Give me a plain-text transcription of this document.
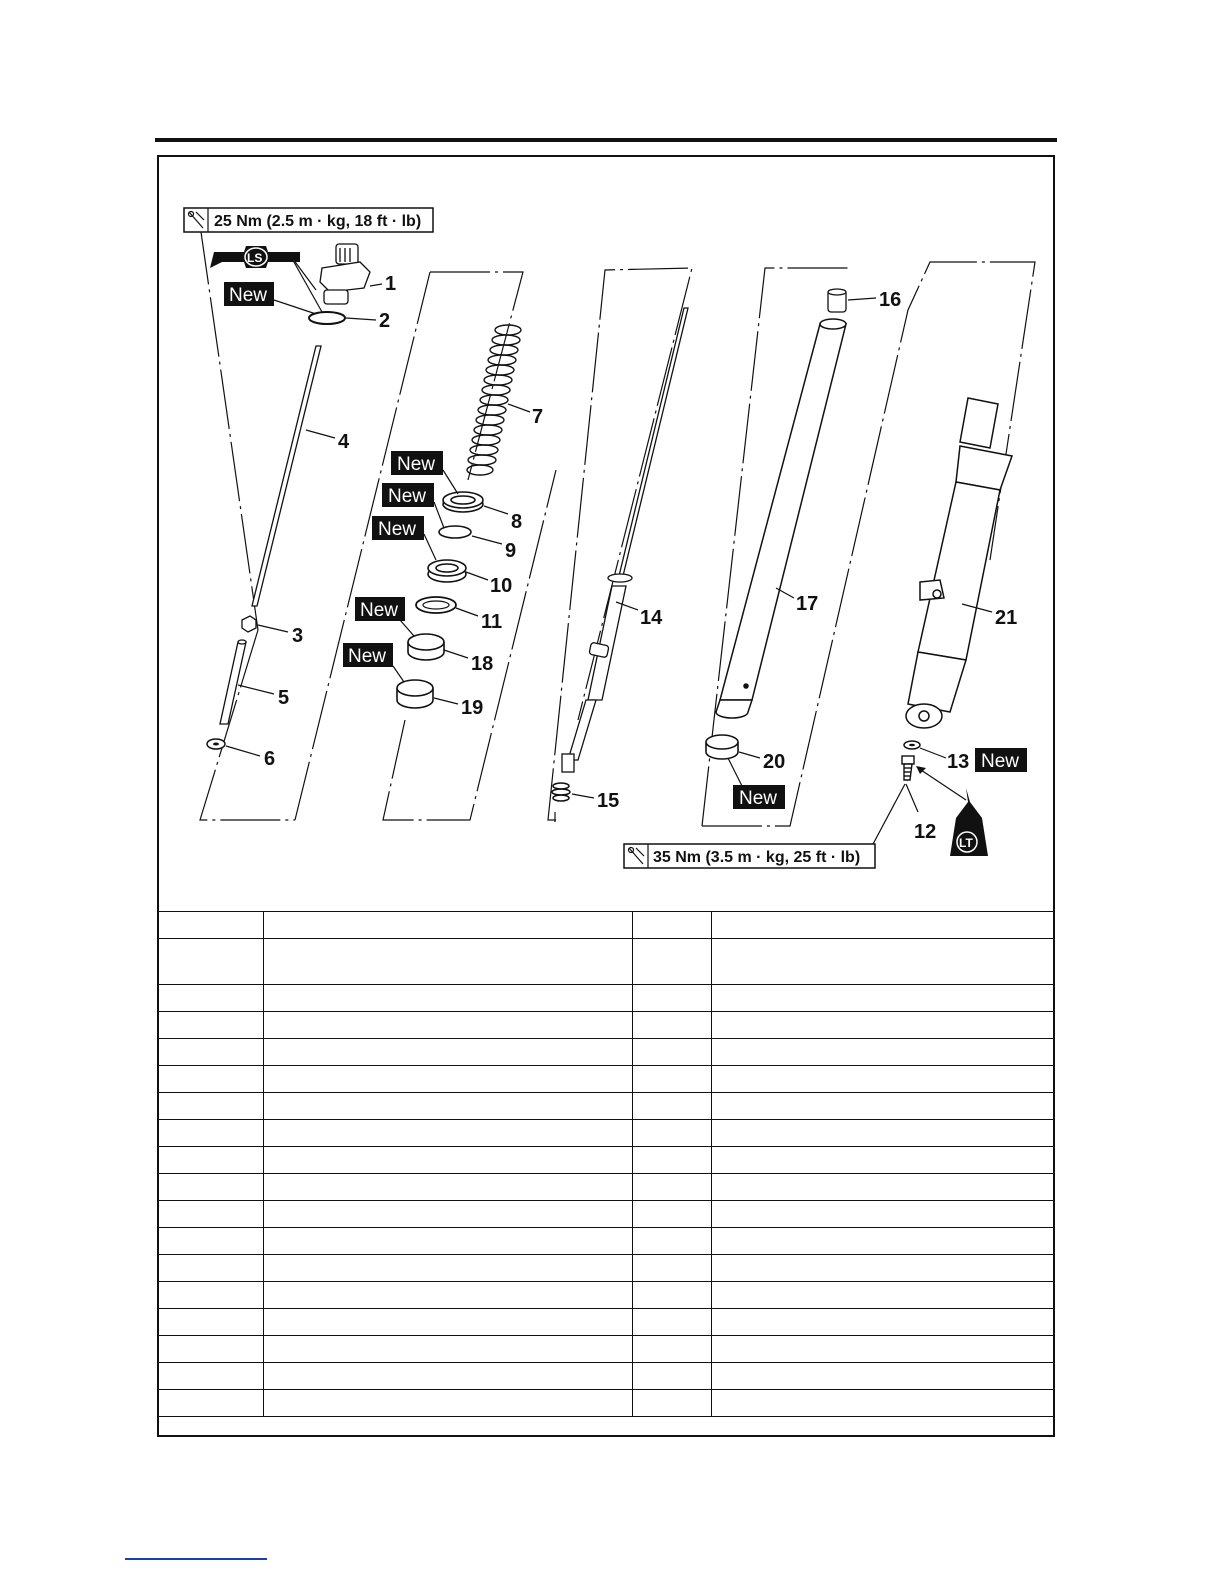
25 Nm (2.5 m · kg, 18 ft · lb)
LS
1
2
New
4
3
5
6
7
8
New
9
New
10
New
11
18
New
19
New
14
15
16
17
20
New
21
13 New
12 LT
35 Nm (3.5 m · kg, 25 ft · lb)
